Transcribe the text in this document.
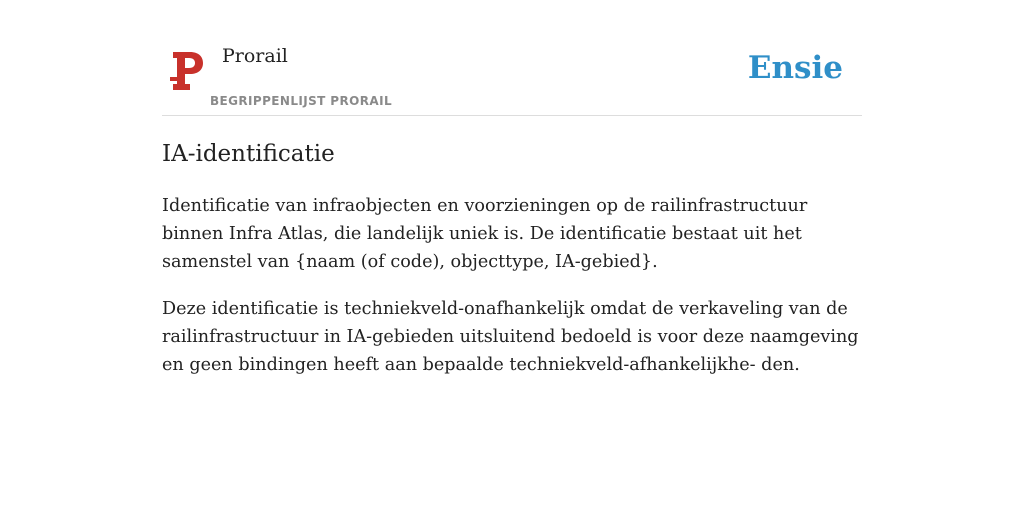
Prorail
BEGRIPPENLIJST PRORAIL
Ensie
IA-identificatie

Identificatie van infraobjecten en voorzieningen op de railinfrastructuur binnen Infra Atlas, die landelijk uniek is. De identificatie bestaat uit het samenstel van {naam (of code), objecttype, IA-gebied}.

Deze identificatie is techniekveld-onafhankelijk omdat de verkaveling van de railinfrastructuur in IA-gebieden uitsluitend bedoeld is voor deze naamgeving en geen bindingen heeft aan bepaalde techniekveld-afhankelijkhe- den.
